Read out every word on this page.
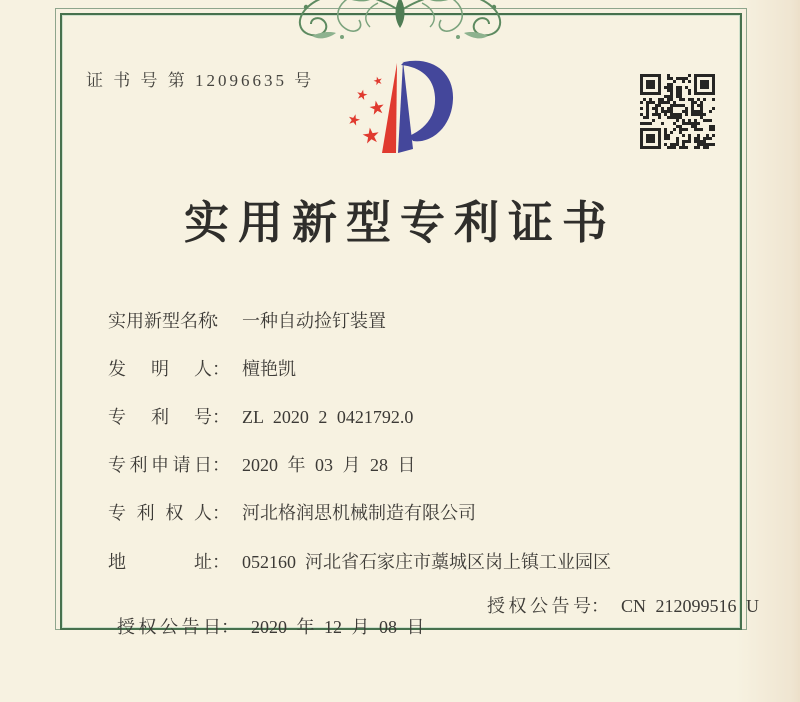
证 书 号 第 12096635 号
实用新型专利证书

实用新型名称： 一种自动捡钉装置

发明人： 檀艳凯

专利号： ZL 2020 2 0421792.0

专利申请日： 2020 年 03 月 28 日

专利权人： 河北格润思机械制造有限公司

地址： 052160  河北省石家庄市藁城区岗上镇工业园区

授权公告日： 2020 年 12 月 08 日

授权公告号： CN 212099516 U
